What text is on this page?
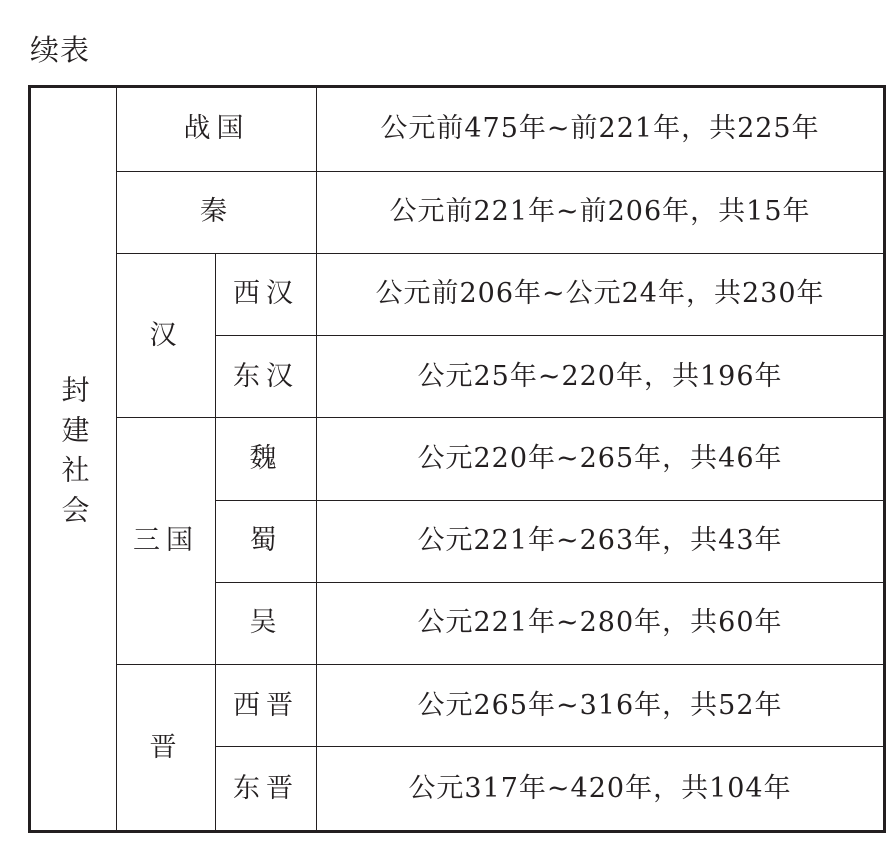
续表
封建社会	战国		公元前475年~前221年，共225年
	秦		公元前221年~前206年，共15年
	汉	西汉	公元前206年~公元24年，共230年
		东汉	公元25年~220年，共196年
	三国	魏	公元220年~265年，共46年
		蜀	公元221年~263年，共43年
		吴	公元221年~280年，共60年
	晋	西晋	公元265年~316年，共52年
		东晋	公元317年~420年，共104年
